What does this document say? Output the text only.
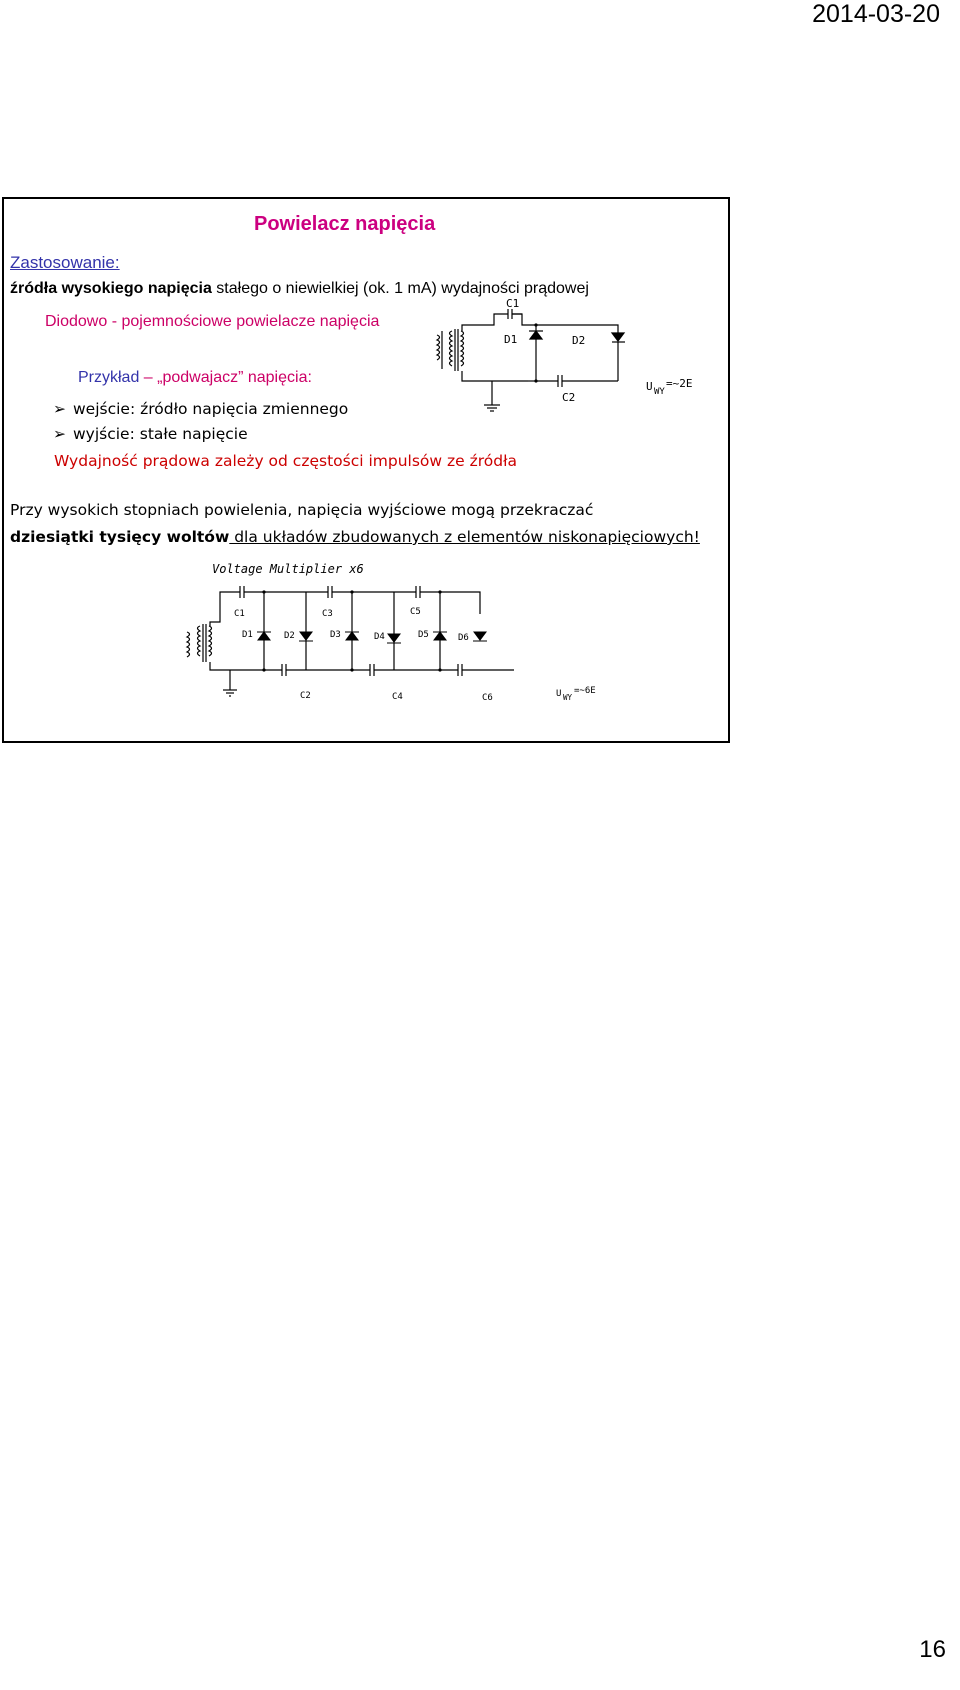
2014-03-20
Powielacz napięcia
Zastosowanie:
źródła wysokiego napięcia stałego o niewielkiej (ok. 1 mA) wydajności prądowej
Diodowo - pojemnościowe powielacze napięcia
Przykład – „podwajacz” napięcia:
➢ wejście: źródło napięcia zmiennego
➢ wyjście: stałe napięcie
Wydajność prądowa zależy od częstości impulsów ze źródła
Przy wysokich stopniach powielenia, napięcia wyjściowe mogą przekraczać
dziesiątki tysięcy woltów dla układów zbudowanych z elementów niskonapięciowych!
C1
D1	D2
C2
U WY
=~2E
Voltage Multiplier x6
C1	C3	C5
C2	C4	C6
D1	D2	D3	D4	D5	D6
U WY
=~6E
16
